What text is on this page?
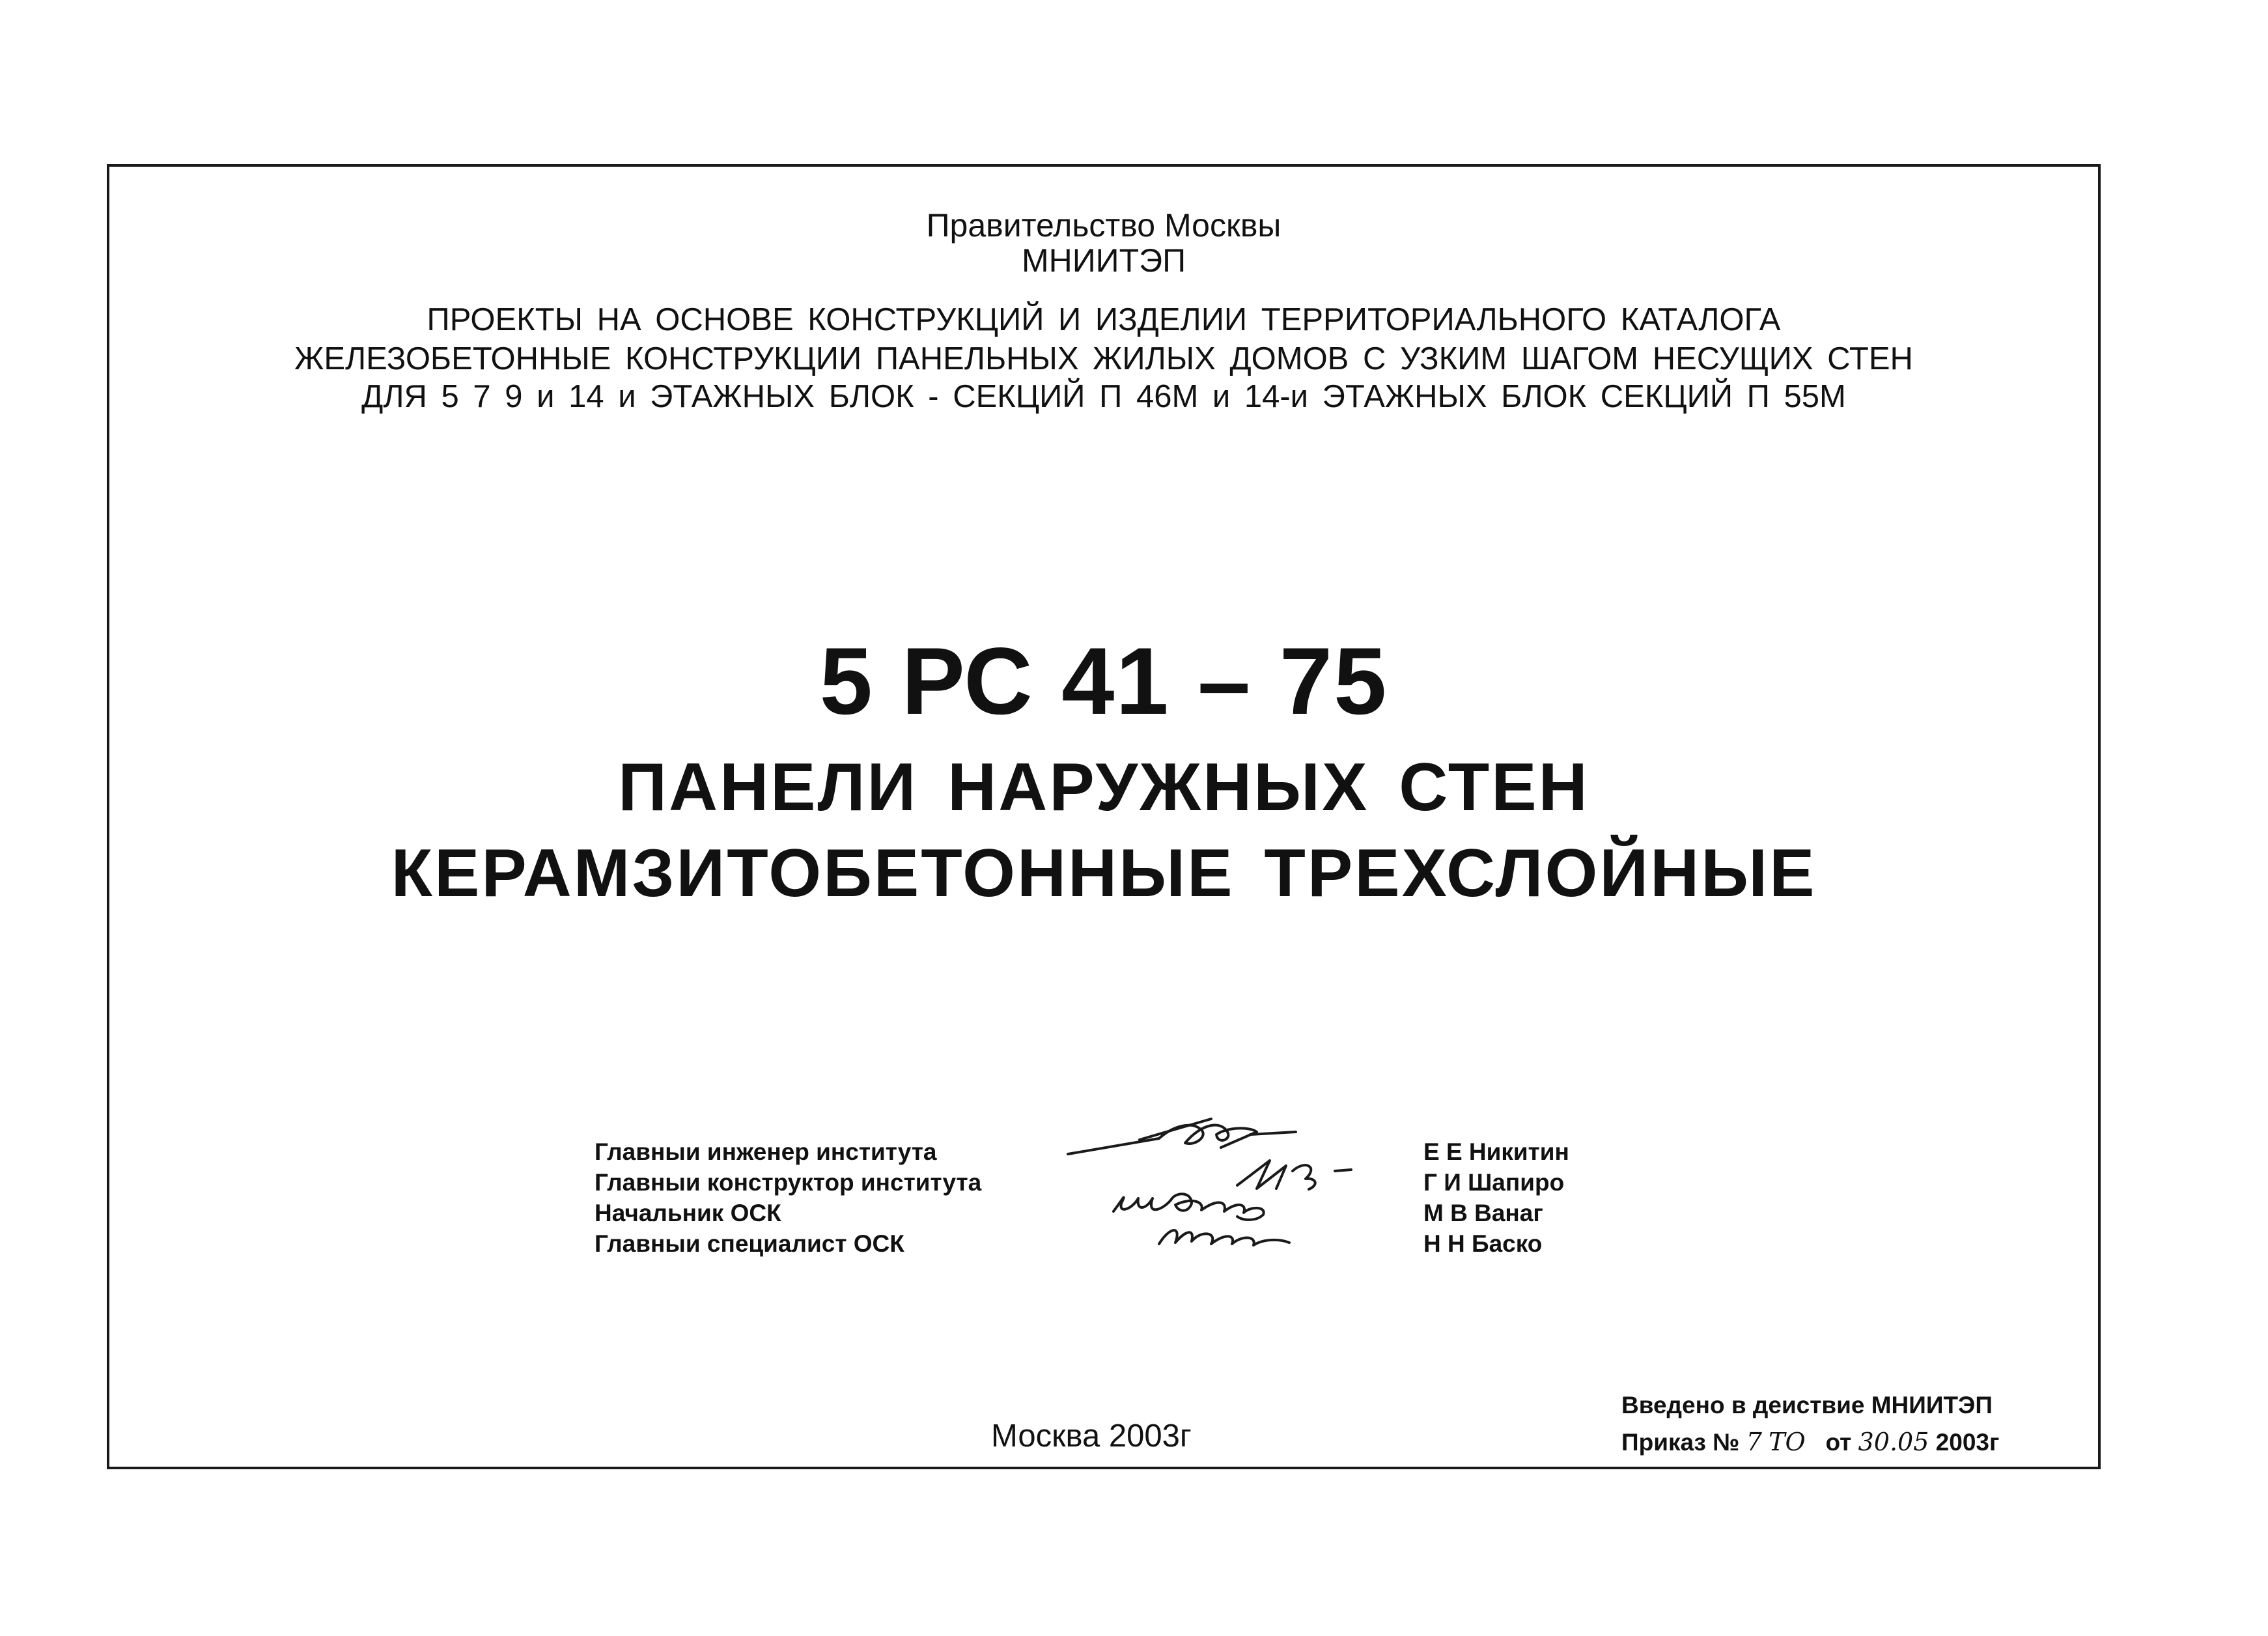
Правительство Москвы
МНИИТЭП
ПРОЕКТЫ НА ОСНОВЕ КОНСТРУКЦИЙ И ИЗДЕЛИИ ТЕРРИТОРИАЛЬНОГО КАТАЛОГА
ЖЕЛЕЗОБЕТОННЫЕ КОНСТРУКЦИИ ПАНЕЛЬНЫХ ЖИЛЫХ ДОМОВ С УЗКИМ ШАГОМ НЕСУЩИХ СТЕН
ДЛЯ 5 7 9 и 14 и ЭТАЖНЫХ БЛОК - СЕКЦИЙ П 46М и 14-и ЭТАЖНЫХ БЛОК СЕКЦИЙ П 55М
5 РС 41 – 75
ПАНЕЛИ НАРУЖНЫХ СТЕН
КЕРАМЗИТОБЕТОННЫЕ ТРЕХСЛОЙНЫЕ
Главныи инженер института
Главныи конструктор института
Начальник ОСК
Главныи специалист ОСК
Е Е Никитин
Г И Шапиро
М В Ванаг
Н Н Баско
Москва 2003г
Введено в деиствие МНИИТЭП
Приказ № 7 ТО от 30.05 2003г
